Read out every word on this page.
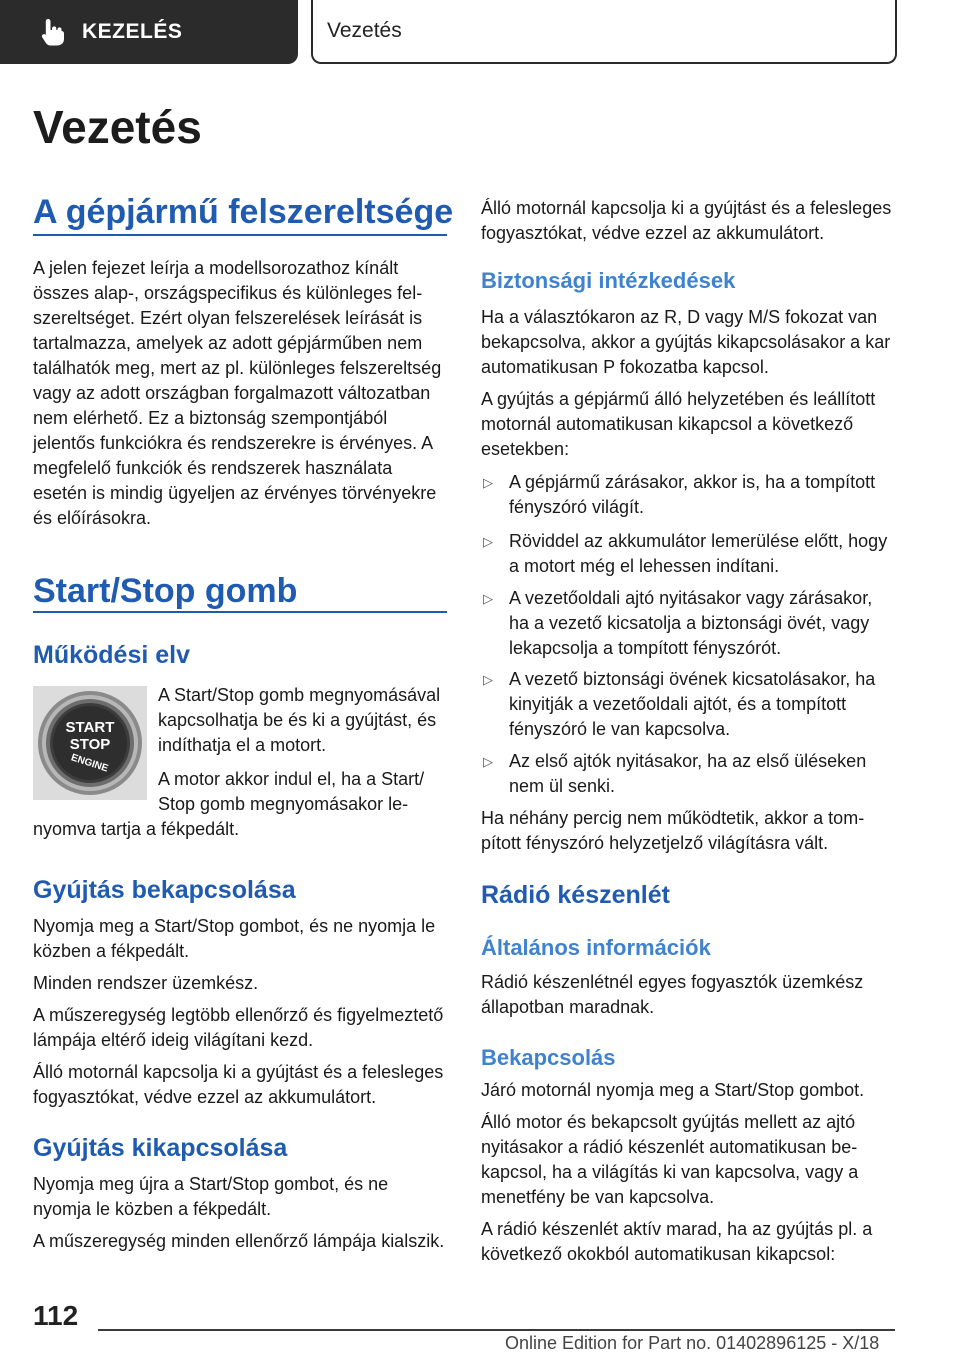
KEZELÉS	Vezetés
Vezetés
A gépjármű felszereltsége

A jelen fejezet leírja a modellsorozathoz kínált összes alap-, országspecifikus és különleges felszereltséget. Ezért olyan felszerelések leírását is tartalmazza, amelyek az adott gépjárműben nem találhatók meg, mert az pl. különleges felszereltség vagy az adott országban forgalmazott változatban nem elérhető. Ez a biztonság szempontjából jelentős funkciókra és rendszerekre is érvényes. A megfelelő funkciók és rendszerek használata esetén is mindig ügyeljen az érvényes törvényekre és előírásokra.

Start/Stop gomb
Működési elv
START
STOP
ENGINE

A Start/Stop gomb megnyomásával kapcsolhatja be és ki a gyújtást, és indíthatja el a motort.

A motor akkor indul el, ha a Start/ Stop gomb megnyomásakor le-

nyomva tartja a fékpedált.

Gyújtás bekapcsolása

Nyomja meg a Start/Stop gombot, és ne nyomja le közben a fékpedált.

Minden rendszer üzemkész.

A műszeregység legtöbb ellenőrző és figyelmeztető lámpája eltérő ideig világítani kezd.

Álló motornál kapcsolja ki a gyújtást és a felesleges fogyasztókat, védve ezzel az akkumulátort.

Gyújtás kikapcsolása

Nyomja meg újra a Start/Stop gombot, és ne nyomja le közben a fékpedált.

A műszeregység minden ellenőrző lámpája kialszik.

Álló motornál kapcsolja ki a gyújtást és a felesleges fogyasztókat, védve ezzel az akkumulátort.

Biztonsági intézkedések

Ha a választókaron az R, D vagy M/S fokozat van bekapcsolva, akkor a gyújtás kikapcsolásakor a kar automatikusan P fokozatba kapcsol.

A gyújtás a gépjármű álló helyzetében és leállított motornál automatikusan kikapcsol a következő esetekben:

▷ A gépjármű zárásakor, akkor is, ha a tompított fényszóró világít.
▷ Röviddel az akkumulátor lemerülése előtt, hogy a motort még el lehessen indítani.
▷ A vezetőoldali ajtó nyitásakor vagy zárásakor, ha a vezető kicsatolja a biztonsági övét, vagy lekapcsolja a tompított fényszórót.
▷ A vezető biztonsági övének kicsatolásakor, ha kinyitják a vezetőoldali ajtót, és a tompított fényszóró le van kapcsolva.
▷ Az első ajtók nyitásakor, ha az első üléseken nem ül senki.

Ha néhány percig nem működtetik, akkor a tompított fényszóró helyzetjelző világításra vált.

Rádió készenlét
Általános információk

Rádió készenlétnél egyes fogyasztók üzemkész állapotban maradnak.

Bekapcsolás

Járó motornál nyomja meg a Start/Stop gombot.

Álló motor és bekapcsolt gyújtás mellett az ajtó nyitásakor a rádió készenlét automatikusan bekapcsol, ha a világítás ki van kapcsolva, vagy a menetfény be van kapcsolva.

A rádió készenlét aktív marad, ha az gyújtás pl. a következő okokból automatikusan kikapcsol:

112
Online Edition for Part no. 01402896125 - X/18
